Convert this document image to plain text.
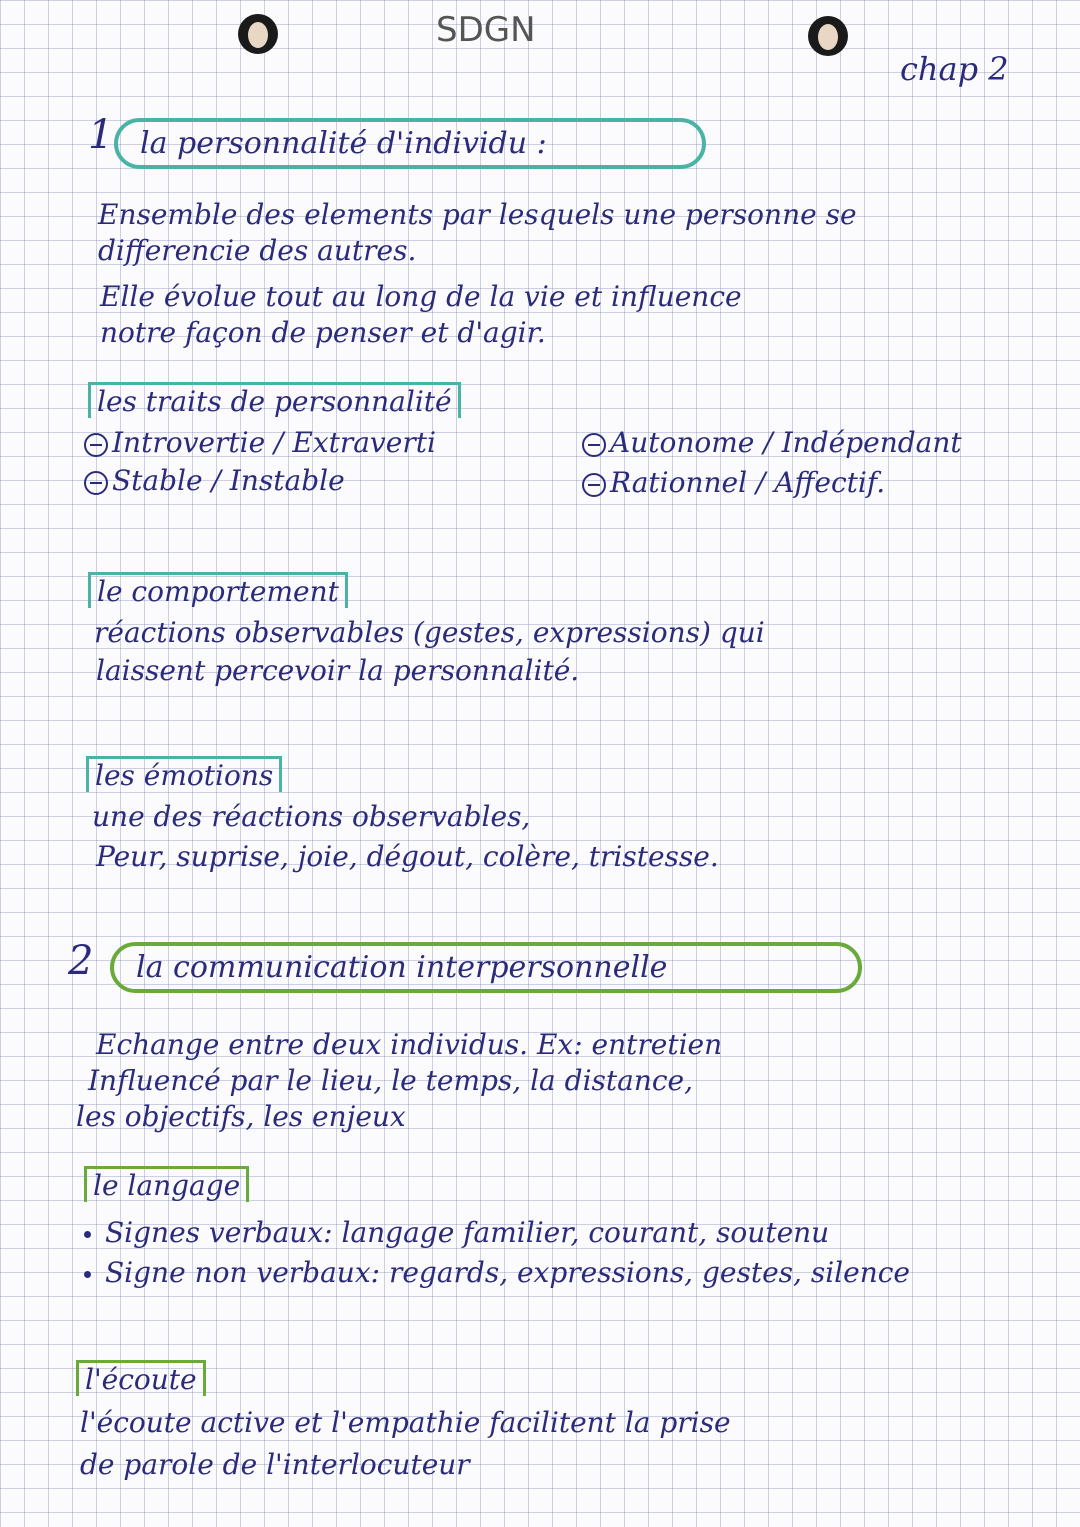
SDGN
chap 2
1 la personnalité d'individu :
Ensemble des elements par lesquels une personne se
differencie des autres.
Elle évolue tout au long de la vie et influence
notre façon de penser et d'agir.
les traits de personnalité
Introvertie / Extraverti
Stable / Instable
Autonome / Indépendant
Rationnel / Affectif.
le comportement
réactions observables (gestes, expressions) qui
laissent percevoir la personnalité.
les émotions
une des réactions observables,
Peur, suprise, joie, dégout, colère, tristesse.
2	la communication interpersonnelle
Echange entre deux individus. Ex: entretien
Influencé par le lieu, le temps, la distance,
les objectifs, les enjeux
le langage
Signes verbaux: langage familier, courant, soutenu
Signe non verbaux: regards, expressions, gestes, silence
l'écoute
l'écoute active et l'empathie facilitent la prise
de parole de l'interlocuteur
